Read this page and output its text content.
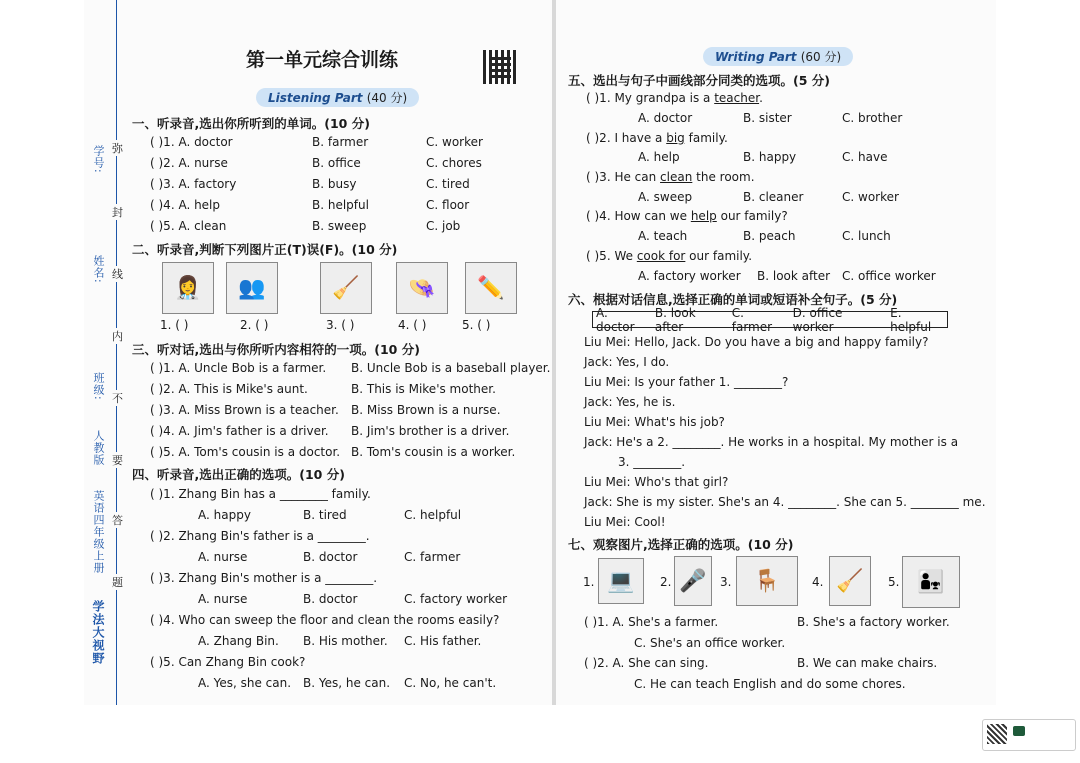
学法大视野
英语四年级上册
人教版
班级:
姓名:
学号: 弥
封
线
内
不
要
答
题
第一单元综合训练
Listening Part (40 分)
一、听录音,选出你所听到的单词。(10 分)
( )1. A. doctor	B. farmer	C. worker
( )2. A. nurse	B. office	C. chores
( )3. A. factory	B. busy	C. tired
( )4. A. help	B. helpful	C. floor
( )5. A. clean	B. sweep	C. job
二、听录音,判断下列图片正(T)误(F)。(10 分)
👩‍⚕️	👥	🧹	👒	✏️
1. ( )	2. ( )	3. ( )	4. ( )	5. ( )
三、听对话,选出与你所听内容相符的一项。(10 分)
( )1. A. Uncle Bob is a farmer. B. Uncle Bob is a baseball player.
( )2. A. This is Mike's aunt.	B. This is Mike's mother.
( )3. A. Miss Brown is a teacher. B. Miss Brown is a nurse.
( )4. A. Jim's father is a driver. B. Jim's brother is a driver.
( )5. A. Tom's cousin is a doctor. B. Tom's cousin is a worker.
四、听录音,选出正确的选项。(10 分)
( )1. Zhang Bin has a ________ family.
A. happy	B. tired	C. helpful
( )2. Zhang Bin's father is a ________.
A. nurse	B. doctor	C. farmer
( )3. Zhang Bin's mother is a ________.
A. nurse	B. doctor	C. factory worker
( )4. Who can sweep the floor and clean the rooms easily?
A. Zhang Bin. B. His mother. C. His father.
( )5. Can Zhang Bin cook?
A. Yes, she can. B. Yes, he can. C. No, he can't.
Writing Part (60 分)
五、选出与句子中画线部分同类的选项。(5 分)
( )1. My grandpa is a teacher.
A. doctor	B. sister	C. brother
( )2. I have a big family.
A. help	B. happy	C. have
( )3. He can clean the room.
A. sweep	B. cleaner	C. worker
( )4. How can we help our family?
A. teach	B. peach	C. lunch
( )5. We cook for our family.
A. factory worker B. look after C. office worker
六、根据对话信息,选择正确的单词或短语补全句子。(5 分)
A. doctor
B. look after
C. farmer
D. office worker
E. helpful
Liu Mei: Hello, Jack. Do you have a big and happy family?
Jack: Yes, I do.
Liu Mei: Is your father 1. ________?
Jack: Yes, he is.
Liu Mei: What's his job?
Jack: He's a 2. ________. He works in a hospital. My mother is a
3. ________.
Liu Mei: Who's that girl?
Jack: She is my sister. She's an 4. ________. She can 5. ________ me.
Liu Mei: Cool!
七、观察图片,选择正确的选项。(10 分)
1. 💻	2. 🎤	3. 🪑	4. 🧹	5. 👨‍👧
( )1. A. She's a farmer.	B. She's a factory worker.
C. She's an office worker.
( )2. A. She can sing.	B. We can make chairs.
C. He can teach English and do some chores.
